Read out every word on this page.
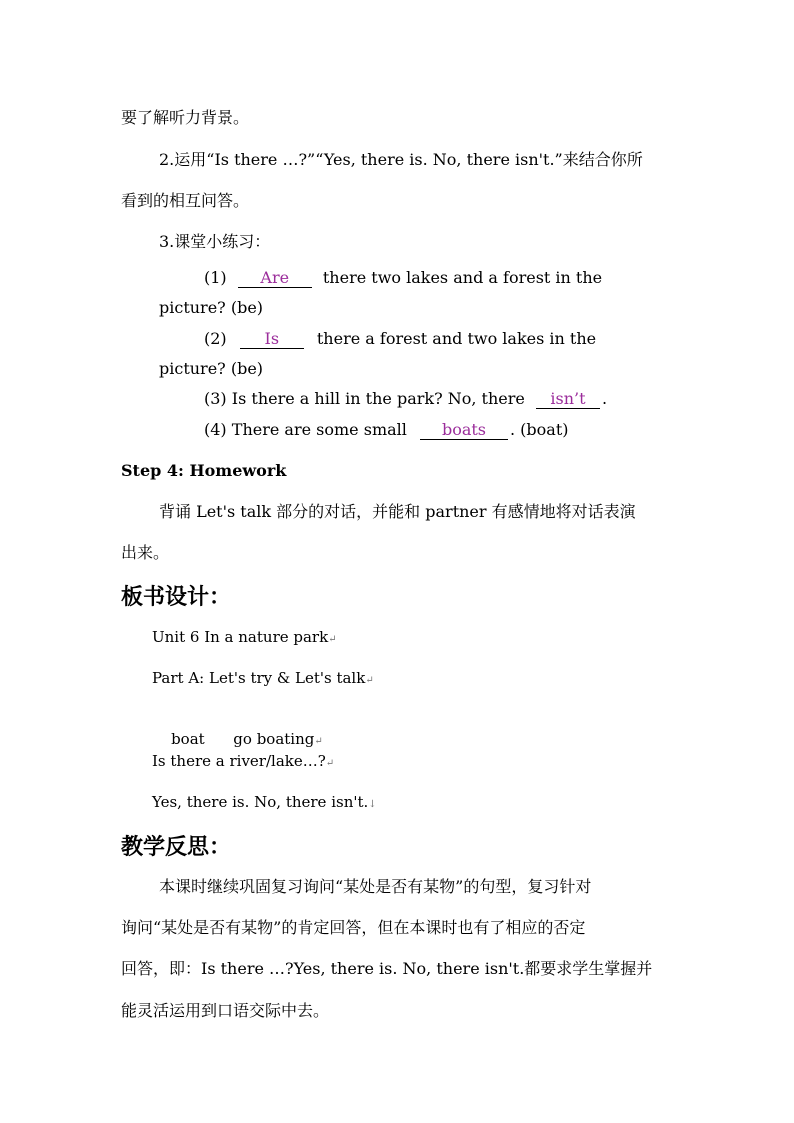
要了解听力背景。
2.运用“Is there …?”“Yes, there is. No, there isn't.”来结合你所
看到的相互问答。
3.课堂小练习：
(1) Are there two lakes and a forest in the
picture? (be)
(2) Is there a forest and two lakes in the
picture? (be)
(3) Is there a hill in the park? No, there isn’t .
(4) There are some small boats . (boat)
Step 4: Homework
背诵 Let's talk 部分的对话，并能和 partner 有感情地将对话表演
出来。
板书设计：
Unit 6 In a nature park↵
Part A: Let's try & Let's talk↵

boat      go boating↵

Is there a river/lake…?↵
Yes, there is. No, there isn't.↓
教学反思：
本课时继续巩固复习询问“某处是否有某物”的句型，复习针对
询问“某处是否有某物”的肯定回答，但在本课时也有了相应的否定
回答，即：Is there …?Yes, there is. No, there isn't.都要求学生掌握并
能灵活运用到口语交际中去。
